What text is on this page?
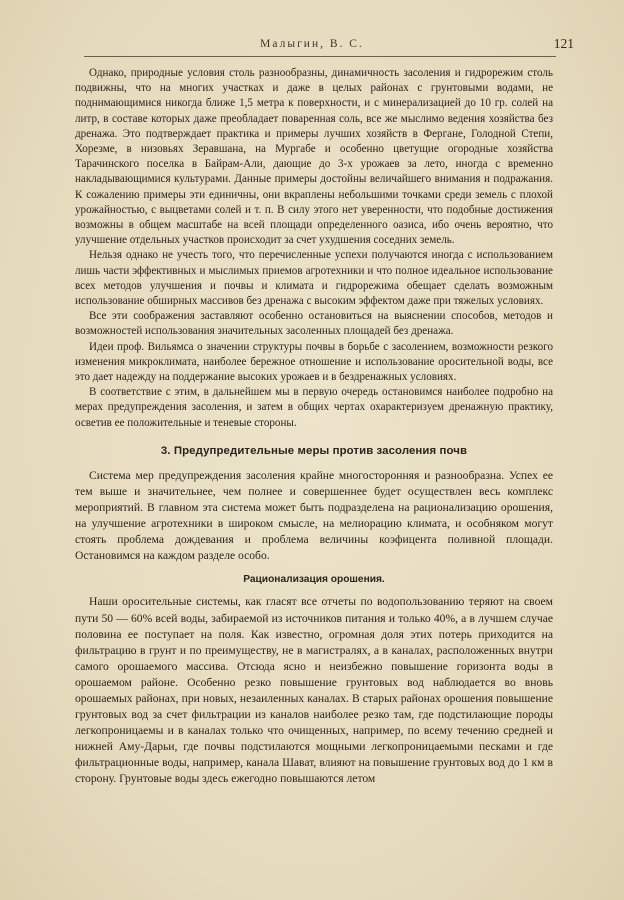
Малыгин, В. С.	121

Однако, природные условия столь разнообразны, динамичность засоления и гидрорежим столь подвижны, что на многих участках и даже в целых районах с грунтовыми водами, не поднимающимися никогда ближе 1,5 метра к поверхности, и с минерализацией до 10 гр. солей на литр, в составе которых даже преобладает поваренная соль, все же мыслимо ведения хозяйства без дренажа. Это подтверждает практика и примеры лучших хозяйств в Фергане, Голодной Степи, Хорезме, в низовьях Зеравшана, на Мургабе и особенно цветущие огородные хозяйства Тарачинского поселка в Байрам-Али, дающие до 3-х урожаев за лето, иногда с временно накладывающимися культурами. Данные примеры достойны величайшего внимания и подражания. К сожалению примеры эти единичны, они вкраплены небольшими точками среди земель с плохой урожайностью, с выцветами солей и т. п. В силу этого нет уверенности, что подобные достижения возможны в общем масштабе на всей площади определенного оазиса, ибо очень вероятно, что улучшение отдельных участков происходит за счет ухудшения соседних земель.

Нельзя однако не учесть того, что перечисленные успехи получаются иногда с использованием лишь части эффективных и мыслимых приемов агротехники и что полное идеальное использование всех методов улучшения и почвы и климата и гидрорежима обещает сделать возможным использование обширных массивов без дренажа с высоким эффектом даже при тяжелых условиях.

Все эти соображения заставляют особенно остановиться на выяснении способов, методов и возможностей использования значительных засоленных площадей без дренажа.

Идеи проф. Вильямса о значении структуры почвы в борьбе с засолением, возможности резкого изменения микроклимата, наиболее бережное отношение и использование оросительной воды, все это дает надежду на поддержание высоких урожаев и в бездренажных условиях.

В соответствие с этим, в дальнейшем мы в первую очередь остановимся наиболее подробно на мерах предупреждения засоления, и затем в общих чертах охарактеризуем дренажную практику, осветив ее положительные и теневые стороны.

3. Предупредительные меры против засоления почв

Система мер предупреждения засоления крайне многосторонняя и разнообразна. Успех ее тем выше и значительнее, чем полнее и совершеннее будет осуществлен весь комплекс мероприятий. В главном эта система может быть подразделена на рационализацию орошения, на улучшение агротехники в широком смысле, на мелиорацию климата, и особняком могут стоять проблема дождевания и проблема величины коэфицента поливной площади. Остановимся на каждом разделе особо.

Рационализация орошения.

Наши оросительные системы, как гласят все отчеты по водопользованию теряют на своем пути 50 — 60% всей воды, забираемой из источников питания и только 40%, а в лучшем случае половина ее поступает на поля. Как известно, огромная доля этих потерь приходится на фильтрацию в грунт и по преимуществу, не в магистралях, а в каналах, расположенных внутри самого орошаемого массива. Отсюда ясно и неизбежно повышение горизонта воды в орошаемом районе. Особенно резко повышение грунтовых вод наблюдается во вновь орошаемых районах, при новых, незаиленных каналах. В старых районах орошения повышение грунтовых вод за счет фильтрации из каналов наиболее резко там, где подстилающие породы легкопроницаемы и в каналах только что очищенных, например, по всему течению средней и нижней Аму-Дарьи, где почвы подстилаются мощными легкопроницаемыми песками и где фильтрационные воды, например, канала Шават, влияют на повышение грунтовых вод до 1 км в сторону. Грунтовые воды здесь ежегодно повышаются летом
